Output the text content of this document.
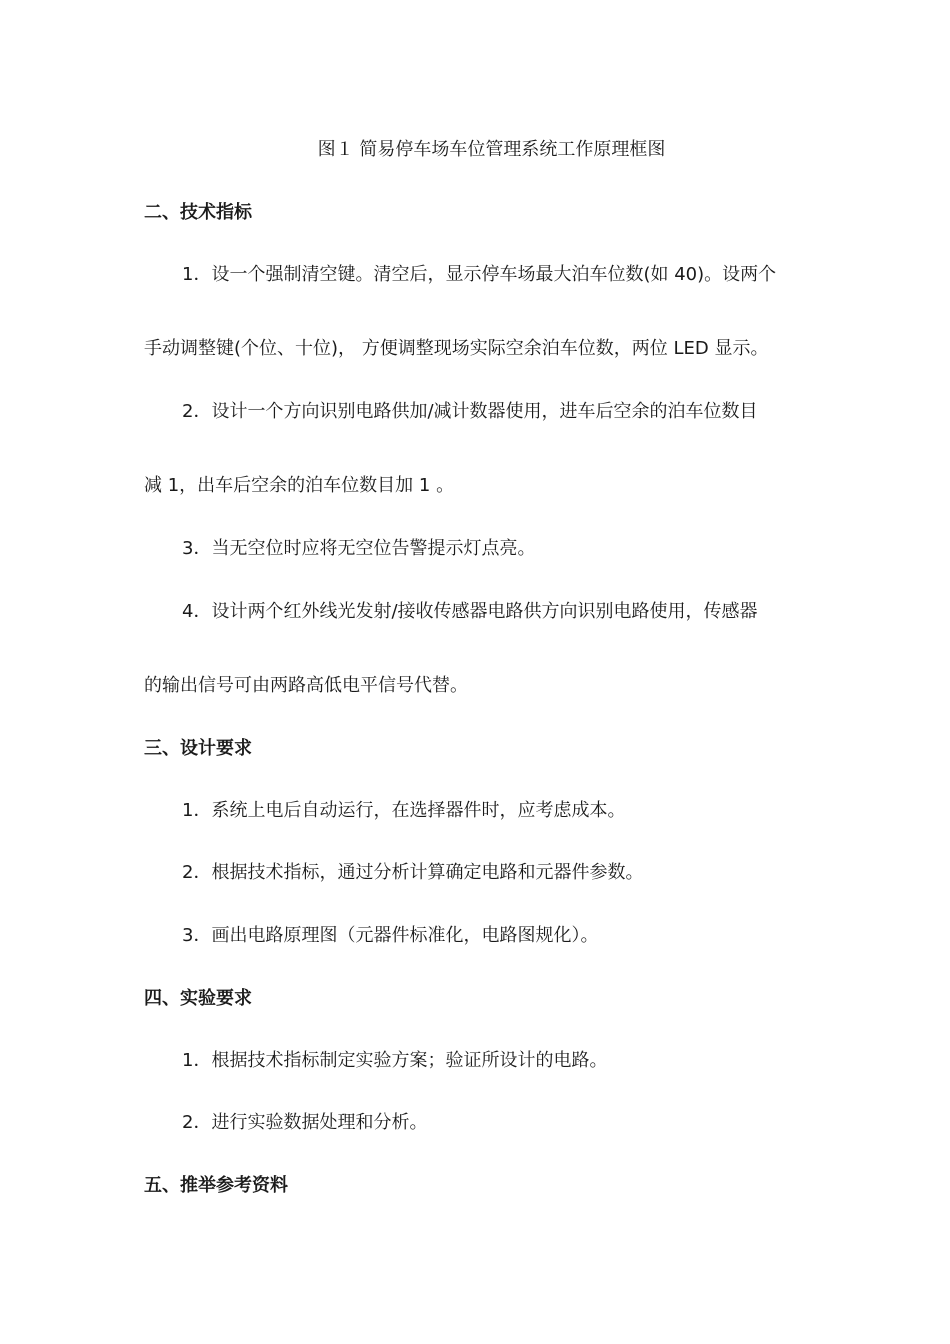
图１ 简易停车场车位管理系统工作原理框图
二、技术指标
1．设一个强制清空键。清空后，显示停车场最大泊车位数(如 40)。设两个
手动调整键(个位、十位)， 方便调整现场实际空余泊车位数，两位 LED 显示。
2．设计一个方向识别电路供加/减计数器使用，进车后空余的泊车位数目
减 1，出车后空余的泊车位数目加 1 。
3．当无空位时应将无空位告警提示灯点亮。
4．设计两个红外线光发射/接收传感器电路供方向识别电路使用，传感器
的输出信号可由两路高低电平信号代替。
三、设计要求
1．系统上电后自动运行，在选择器件时，应考虑成本。
2．根据技术指标，通过分析计算确定电路和元器件参数。
3．画出电路原理图（元器件标准化，电路图规化）。
四、实验要求
1．根据技术指标制定实验方案；验证所设计的电路。
2．进行实验数据处理和分析。
五、推举参考资料
